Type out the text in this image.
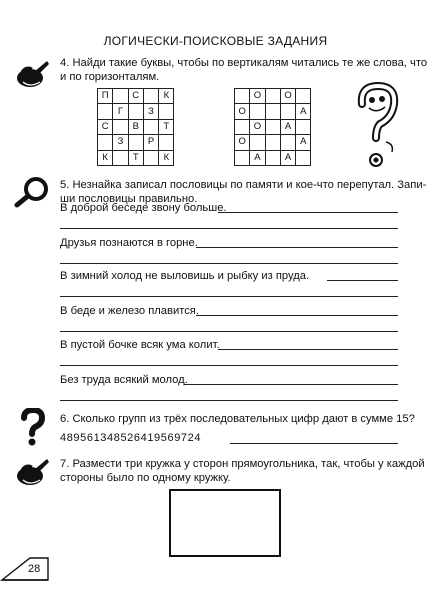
ЛОГИЧЕСКИ-ПОИСКОВЫЕ ЗАДАНИЯ
4. Найди такие буквы, чтобы по вертикалям читались те же слова, что
и по горизонталям.
П		С		К
	Г		З	
С		В		Т
	З		Р	
К		Т		К
	О		О	
О				А
	О		А	
О				А
	А		А	
5. Незнайка записал пословицы по памяти и кое-что перепутал. Запи-
ши пословицы правильно.
В доброй беседе звону больше.
Друзья познаются в горне.
В зимний холод не выловишь и рыбку из пруда.
В беде и железо плавится.
В пустой бочке всяк ума колит.
Без труда всякий молод.
6. Сколько групп из трёх последовательных цифр дают в сумме 15?
489561348526419569724
7. Размести три кружка у сторон прямоугольника, так, чтобы у каждой
стороны было по одному кружку.
28
